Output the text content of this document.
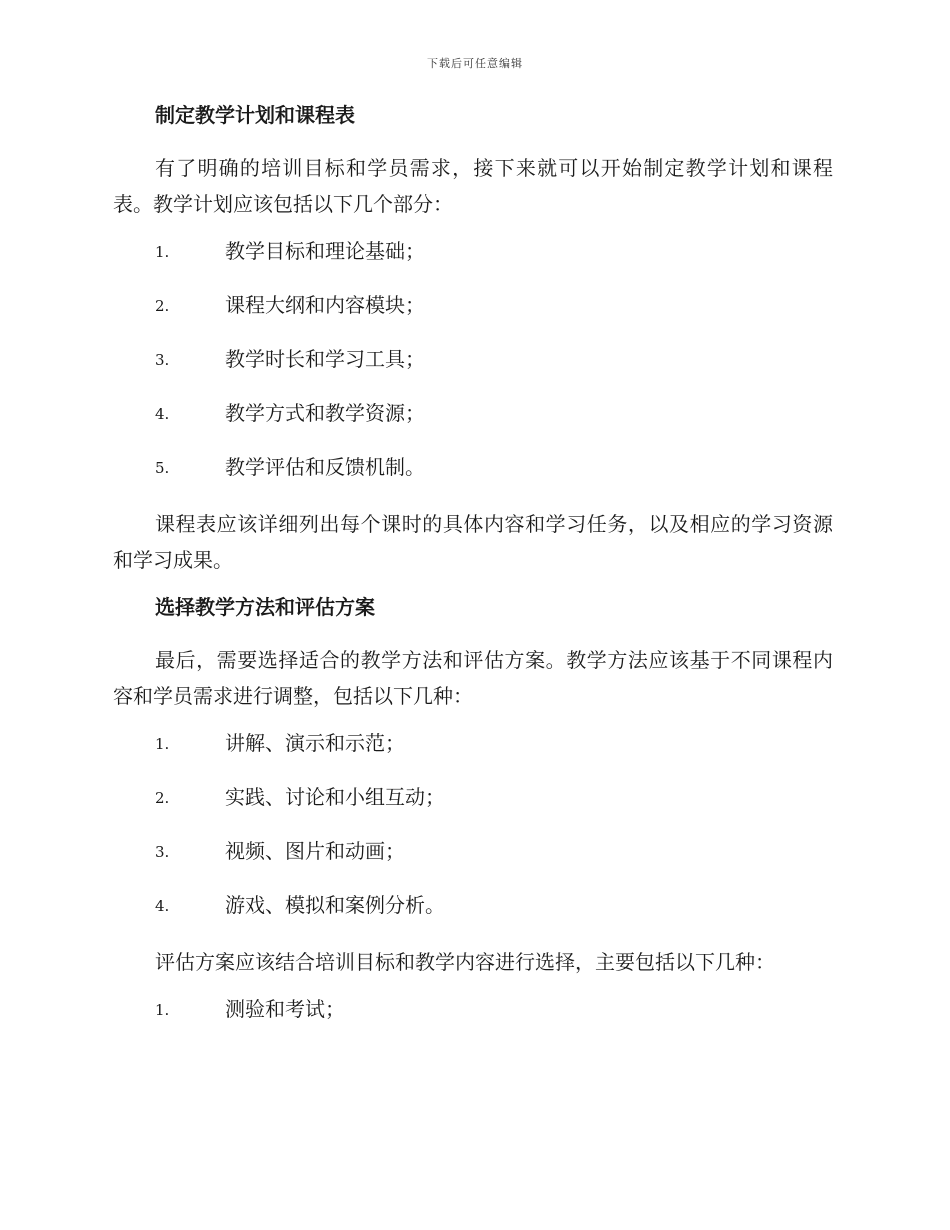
下载后可任意编辑
制定教学计划和课程表

有了明确的培训目标和学员需求，接下来就可以开始制定教学计划和课程表。教学计划应该包括以下几个部分：

1.	教学目标和理论基础；
2.	课程大纲和内容模块；
3.	教学时长和学习工具；
4.	教学方式和教学资源；
5.	教学评估和反馈机制。

课程表应该详细列出每个课时的具体内容和学习任务，以及相应的学习资源和学习成果。

选择教学方法和评估方案

最后，需要选择适合的教学方法和评估方案。教学方法应该基于不同课程内容和学员需求进行调整，包括以下几种：

1.	讲解、演示和示范；
2.	实践、讨论和小组互动；
3.	视频、图片和动画；
4.	游戏、模拟和案例分析。

评估方案应该结合培训目标和教学内容进行选择，主要包括以下几种：

1.	测验和考试；
